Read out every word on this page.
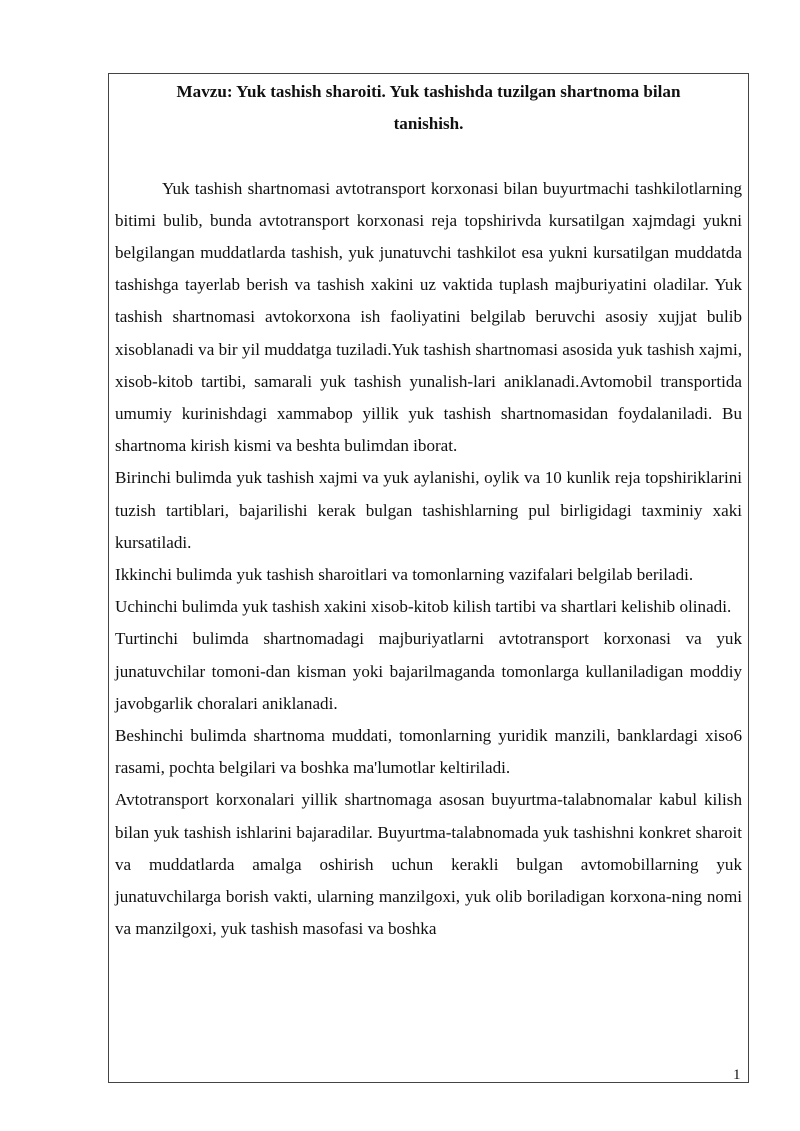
Mavzu: Yuk tashish sharoiti. Yuk tashishda tuzilgan shartnoma bilan
tanishish.

Yuk tashish shartnomasi avtotransport korxonasi bilan buyurtmachi tashkilotlarning bitimi bulib, bunda avtotransport korxonasi reja topshirivda kursatilgan xajmdagi yukni belgilangan muddatlarda tashish, yuk junatuvchi tashkilot esa yukni kursatilgan muddatda tashishga tayerlab berish va tashish xakini uz vaktida tuplash majburiyatini oladilar. Yuk tashish shartnomasi avtokorxona ish faoliyatini belgilab beruvchi asosiy xujjat bulib xisoblanadi va bir yil muddatga tuziladi.Yuk tashish shartnomasi asosida yuk tashish xajmi, xisob-kitob tartibi, samarali yuk tashish yunalish-lari aniklanadi.Avtomobil transportida umumiy kurinishdagi xammabop yillik yuk tashish shartnomasidan foydalaniladi. Bu shartnoma kirish kismi va beshta bulimdan iborat.

Birinchi bulimda yuk tashish xajmi va yuk aylanishi, oylik va 10 kunlik reja topshiriklarini tuzish tartiblari, bajarilishi kerak bulgan tashishlarning pul birligidagi taxminiy xaki kursatiladi.

Ikkinchi bulimda yuk tashish sharoitlari va tomonlarning vazifalari belgilab beriladi.

Uchinchi bulimda yuk tashish xakini xisob-kitob kilish tartibi va shartlari kelishib olinadi.

Turtinchi bulimda shartnomadagi majburiyatlarni avtotransport korxonasi va yuk junatuvchilar tomoni-dan kisman yoki bajarilmaganda tomonlarga kullaniladigan moddiy javobgarlik choralari aniklanadi.

Beshinchi bulimda shartnoma muddati, tomonlarning yuridik manzili, banklardagi xiso6 rasami, pochta belgilari va boshka ma'lumotlar keltiriladi.

Avtotransport korxonalari yillik shartnomaga asosan buyurtma-talabnomalar kabul kilish bilan yuk tashish ishlarini bajaradilar. Buyurtma-talabnomada yuk tashishni konkret sharoit va muddatlarda amalga oshirish uchun kerakli bulgan avtomobillarning yuk junatuvchilarga borish vakti, ularning manzilgoxi, yuk olib boriladigan korxona-ning nomi va manzilgoxi, yuk tashish masofasi va boshka

1
